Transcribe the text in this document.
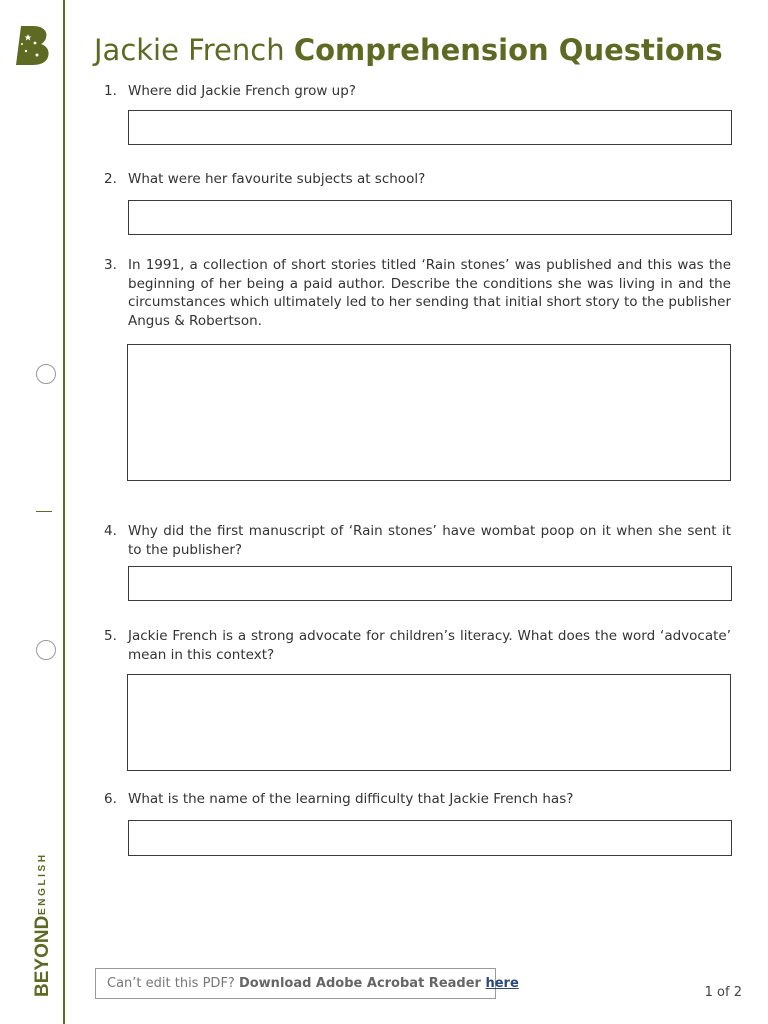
BEYOND
ENGLISH
Jackie French Comprehension Questions
1. Where did Jackie French grow up?
2. What were her favourite subjects at school?
3. In 1991, a collection of short stories titled ‘Rain stones’ was published and this was the beginning of her being a paid author. Describe the conditions she was living in and the circumstances which ultimately led to her sending that initial short story to the publisher Angus & Robertson.
4. Why did the first manuscript of ‘Rain stones’ have wombat poop on it when she sent it to the publisher?
5. Jackie French is a strong advocate for children’s literacy. What does the word ‘advocate’ mean in this context?
6. What is the name of the learning difficulty that Jackie French has?
Can’t edit this PDF? Download Adobe Acrobat Reader here
1 of 2
